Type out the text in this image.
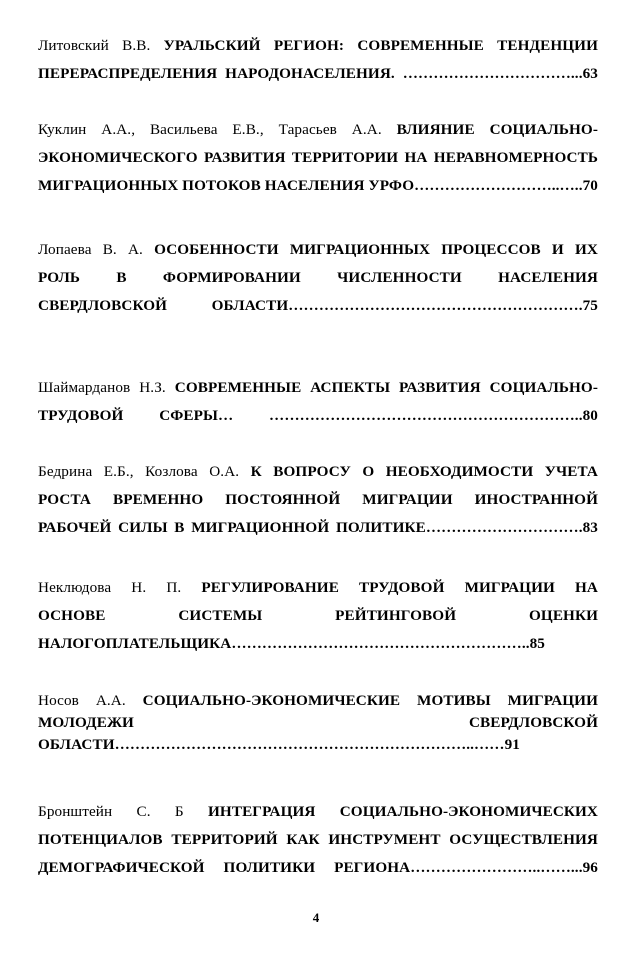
Литовский В.В. УРАЛЬСКИЙ РЕГИОН: СОВРЕМЕННЫЕ ТЕНДЕНЦИИ
ПЕРЕРАСПРЕДЕЛЕНИЯ НАРОДОНАСЕЛЕНИЯ. ……………………………...63
Куклин А.А., Васильева Е.В., Тарасьев А.А. ВЛИЯНИЕ СОЦИАЛЬНО-
ЭКОНОМИЧЕСКОГО РАЗВИТИЯ ТЕРРИТОРИИ НА НЕРАВНОМЕРНОСТЬ
МИГРАЦИОННЫХ ПОТОКОВ НАСЕЛЕНИЯ УРФО………………………..…..70
Лопаева В. А. ОСОБЕННОСТИ МИГРАЦИОННЫХ ПРОЦЕССОВ И ИХ
РОЛЬ В ФОРМИРОВАНИИ ЧИСЛЕННОСТИ НАСЕЛЕНИЯ
СВЕРДЛОВСКОЙ ОБЛАСТИ………………………………………………….75
Шаймарданов Н.З. СОВРЕМЕННЫЕ АСПЕКТЫ РАЗВИТИЯ СОЦИАЛЬНО-
ТРУДОВОЙ СФЕРЫ… ……………………………………………………..80
Бедрина Е.Б., Козлова О.А. К ВОПРОСУ О НЕОБХОДИМОСТИ УЧЕТА
РОСТА ВРЕМЕННО ПОСТОЯННОЙ МИГРАЦИИ ИНОСТРАННОЙ
РАБОЧЕЙ СИЛЫ В МИГРАЦИОННОЙ ПОЛИТИКЕ………………………….83
Неклюдова Н. П. РЕГУЛИРОВАНИЕ ТРУДОВОЙ МИГРАЦИИ НА
ОСНОВЕ СИСТЕМЫ РЕЙТИНГОВОЙ ОЦЕНКИ
НАЛОГОПЛАТЕЛЬЩИКА…………………………………………………..85
Носов А.А. СОЦИАЛЬНО-ЭКОНОМИЧЕСКИЕ МОТИВЫ МИГРАЦИИ
МОЛОДЕЖИ СВЕРДЛОВСКОЙ
ОБЛАСТИ……………………………………………………………..……91
Бронштейн С. Б ИНТЕГРАЦИЯ СОЦИАЛЬНО-ЭКОНОМИЧЕСКИХ
ПОТЕНЦИАЛОВ ТЕРРИТОРИЙ КАК ИНСТРУМЕНТ ОСУЩЕСТВЛЕНИЯ
ДЕМОГРАФИЧЕСКОЙ ПОЛИТИКИ РЕГИОНА……………………..……...96
4
